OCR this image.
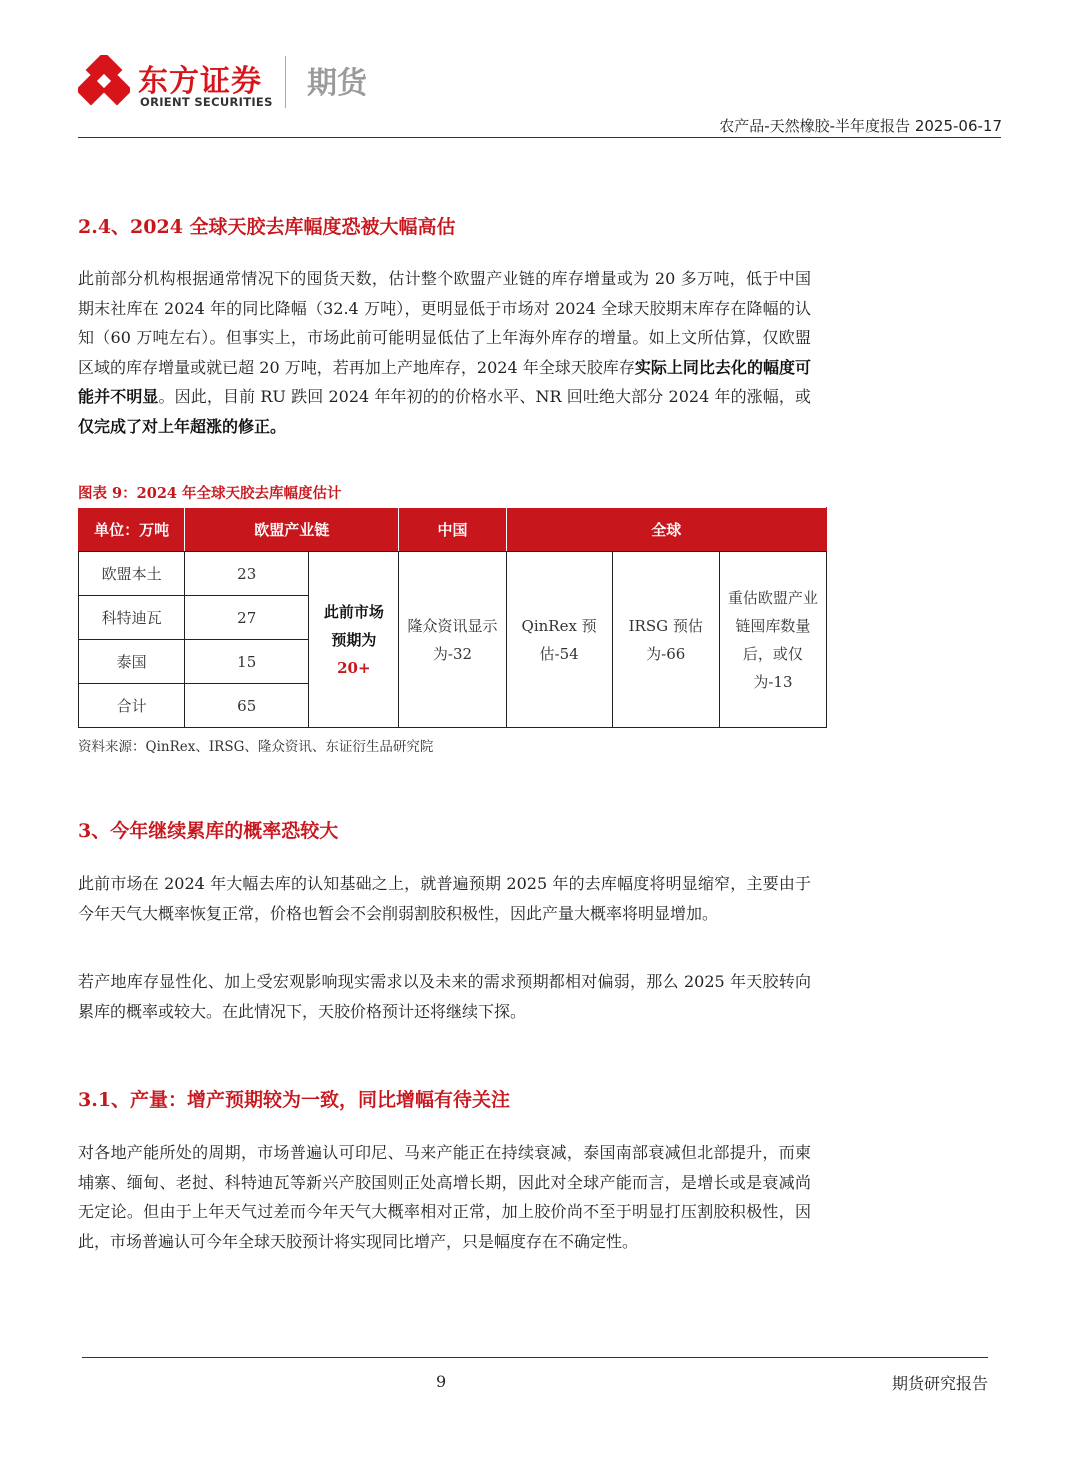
东方证券
ORIENT SECURITIES
期货
农产品-天然橡胶-半年度报告 2025-06-17
2.4、2024 全球天胶去库幅度恐被大幅高估
此前部分机构根据通常情况下的囤货天数，估计整个欧盟产业链的库存增量或为 20 多万吨，低于中国期末社库在 2024 年的同比降幅（32.4 万吨），更明显低于市场对 2024 全球天胶期末库存在降幅的认知（60 万吨左右）。但事实上，市场此前可能明显低估了上年海外库存的增量。如上文所估算，仅欧盟区域的库存增量或就已超 20 万吨，若再加上产地库存，2024 年全球天胶库存实际上同比去化的幅度可能并不明显。因此，目前 RU 跌回 2024 年年初的的价格水平、NR 回吐绝大部分 2024 年的涨幅，或仅完成了对上年超涨的修正。
图表 9：2024 年全球天胶去库幅度估计
单位：万吨	欧盟产业链		中国	全球		
欧盟本土	23	此前市场预期为20+	隆众资讯显示为-32	QinRex 预估-54	IRSG 预估为-66	重估欧盟产业链囤库数量后，或仅为-13

科特迪瓦	27					
泰国	15					
合计	65					
资料来源：QinRex、IRSG、隆众资讯、东证衍生品研究院
3、今年继续累库的概率恐较大
此前市场在 2024 年大幅去库的认知基础之上，就普遍预期 2025 年的去库幅度将明显缩窄，主要由于今年天气大概率恢复正常，价格也暂会不会削弱割胶积极性，因此产量大概率将明显增加。
若产地库存显性化、加上受宏观影响现实需求以及未来的需求预期都相对偏弱，那么 2025 年天胶转向累库的概率或较大。在此情况下，天胶价格预计还将继续下探。
3.1、产量：增产预期较为一致，同比增幅有待关注
对各地产能所处的周期，市场普遍认可印尼、马来产能正在持续衰减，泰国南部衰减但北部提升，而柬埔寨、缅甸、老挝、科特迪瓦等新兴产胶国则正处高增长期，因此对全球产能而言，是增长或是衰减尚无定论。但由于上年天气过差而今年天气大概率相对正常，加上胶价尚不至于明显打压割胶积极性，因此，市场普遍认可今年全球天胶预计将实现同比增产，只是幅度存在不确定性。
9	期货研究报告
